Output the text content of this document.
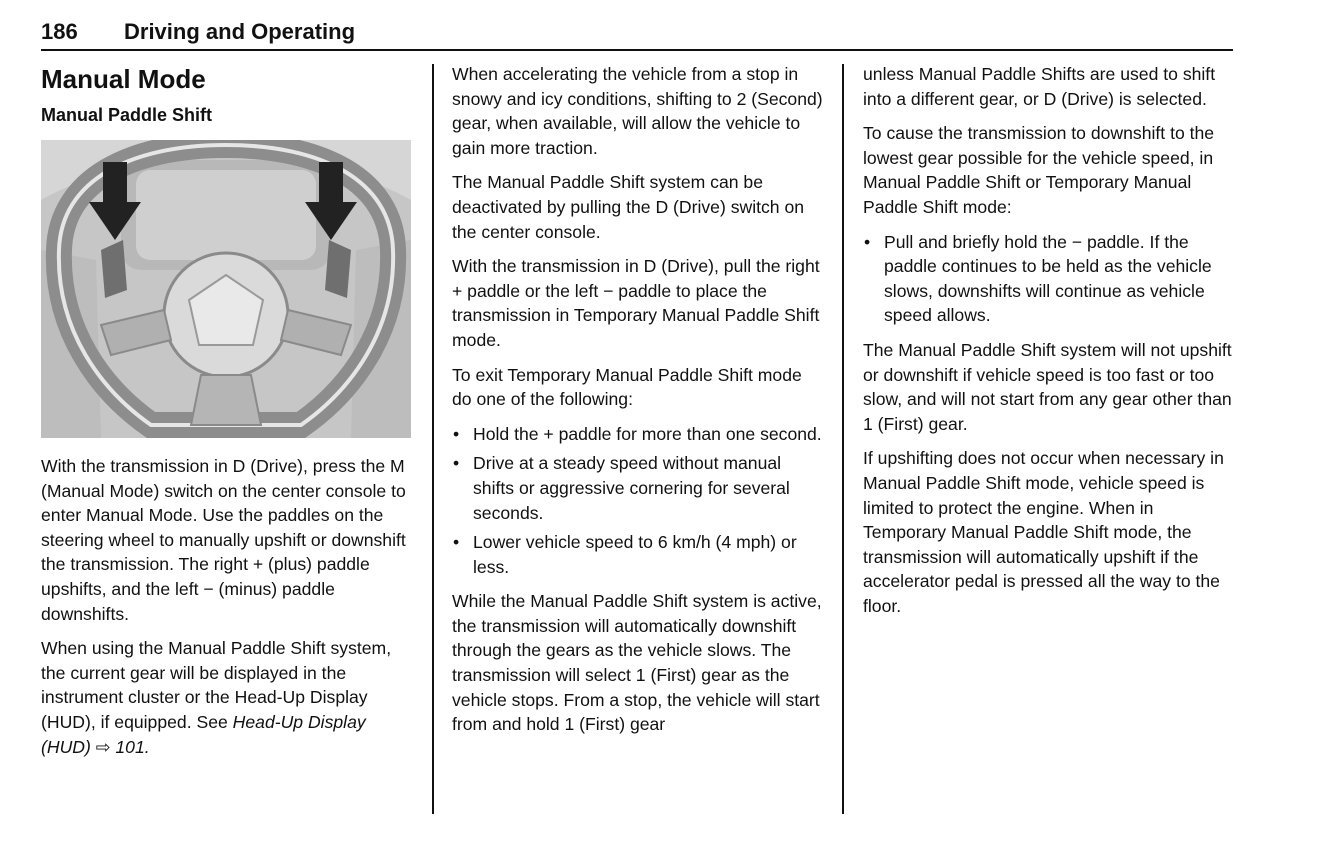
186 Driving and Operating
Manual Mode
Manual Paddle Shift

With the transmission in D (Drive), press the M (Manual Mode) switch on the center console to enter Manual Mode. Use the paddles on the steering wheel to manually upshift or downshift the transmission. The right + (plus) paddle upshifts, and the left − (minus) paddle downshifts.

When using the Manual Paddle Shift system, the current gear will be displayed in the instrument cluster or the Head-Up Display (HUD), if equipped. See Head-Up Display (HUD) ⇨ 101.

When accelerating the vehicle from a stop in snowy and icy conditions, shifting to 2 (Second) gear, when available, will allow the vehicle to gain more traction.

The Manual Paddle Shift system can be deactivated by pulling the D (Drive) switch on the center console.

With the transmission in D (Drive), pull the right + paddle or the left − paddle to place the transmission in Temporary Manual Paddle Shift mode.

To exit Temporary Manual Paddle Shift mode do one of the following:

• Hold the + paddle for more than one second.
• Drive at a steady speed without manual shifts or aggressive cornering for several seconds.
• Lower vehicle speed to 6 km/h (4 mph) or less.

While the Manual Paddle Shift system is active, the transmission will automatically downshift through the gears as the vehicle slows. The transmission will select 1 (First) gear as the vehicle stops. From a stop, the vehicle will start from and hold 1 (First) gear

unless Manual Paddle Shifts are used to shift into a different gear, or D (Drive) is selected.

To cause the transmission to downshift to the lowest gear possible for the vehicle speed, in Manual Paddle Shift or Temporary Manual Paddle Shift mode:

• Pull and briefly hold the − paddle. If the paddle continues to be held as the vehicle slows, downshifts will continue as vehicle speed allows.

The Manual Paddle Shift system will not upshift or downshift if vehicle speed is too fast or too slow, and will not start from any gear other than 1 (First) gear.

If upshifting does not occur when necessary in Manual Paddle Shift mode, vehicle speed is limited to protect the engine. When in Temporary Manual Paddle Shift mode, the transmission will automatically upshift if the accelerator pedal is pressed all the way to the floor.
